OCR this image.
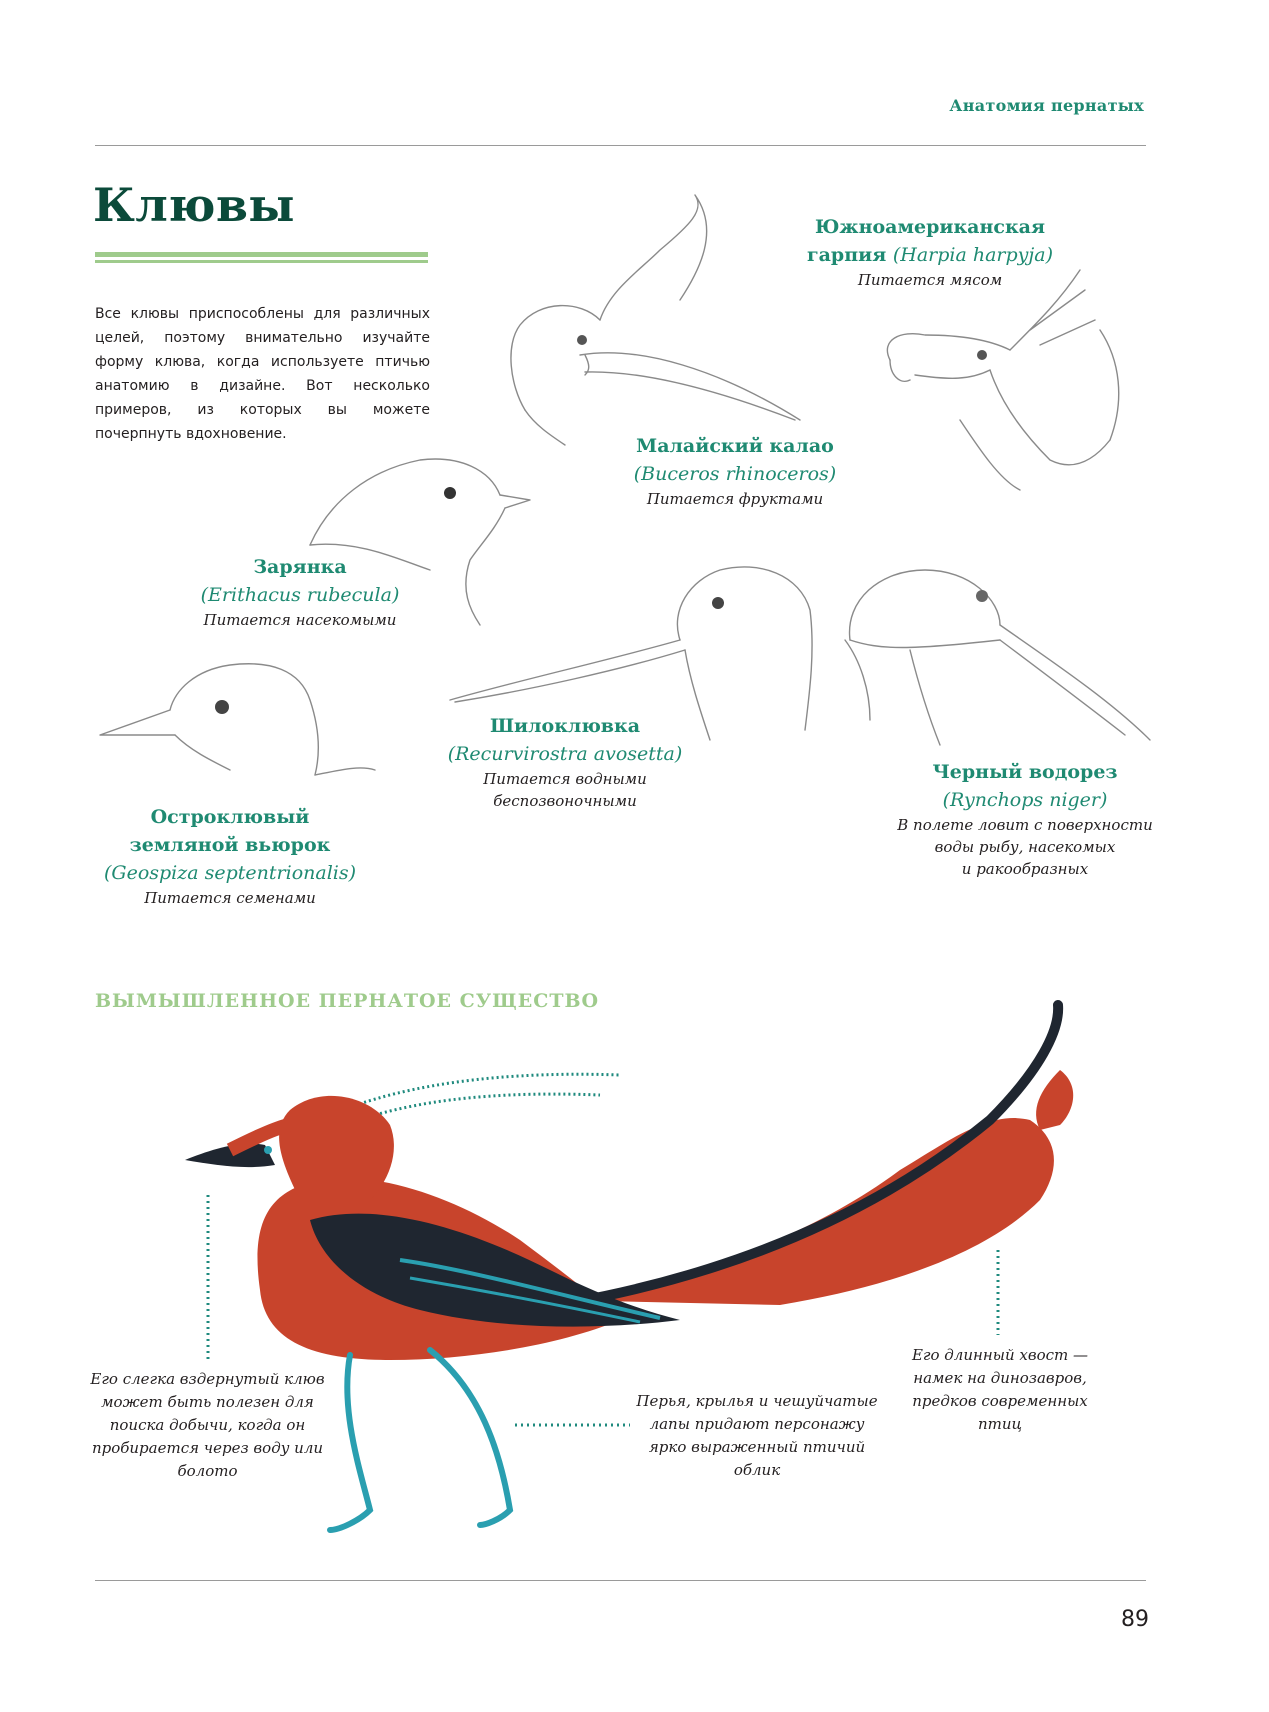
Анатомия пернатых
Клювы
Все клювы приспособлены для различных целей, поэтому внимательно изучайте форму клюва, когда используете птичью анатомию в дизайне. Вот несколько примеров, из которых вы можете почерпнуть вдохновение.
Южноамериканская
гарпия (Harpia harpyja)
Питается мясом
Малайский калао
(Buceros rhinoceros)
Питается фруктами
Зарянка
(Erithacus rubecula)
Питается насекомыми
Шилоклювка
(Recurvirostra avosetta)
Питается водными
беспозвоночными
Черный водорез
(Rynchops niger)
В полете ловит с поверхности
воды рыбу, насекомых
и ракообразных
Остроклювый
земляной вьюрок
(Geospiza septentrionalis)
Питается семенами
ВЫМЫШЛЕННОЕ ПЕРНАТОЕ СУЩЕСТВО
Его слегка вздернутый клюв
может быть полезен для
поиска добычи, когда он
пробирается через воду или
болото
Перья, крылья и чешуйчатые
лапы придают персонажу
ярко выраженный птичий
облик
Его длинный хвост —
намек на динозавров,
предков современных
птиц
89
